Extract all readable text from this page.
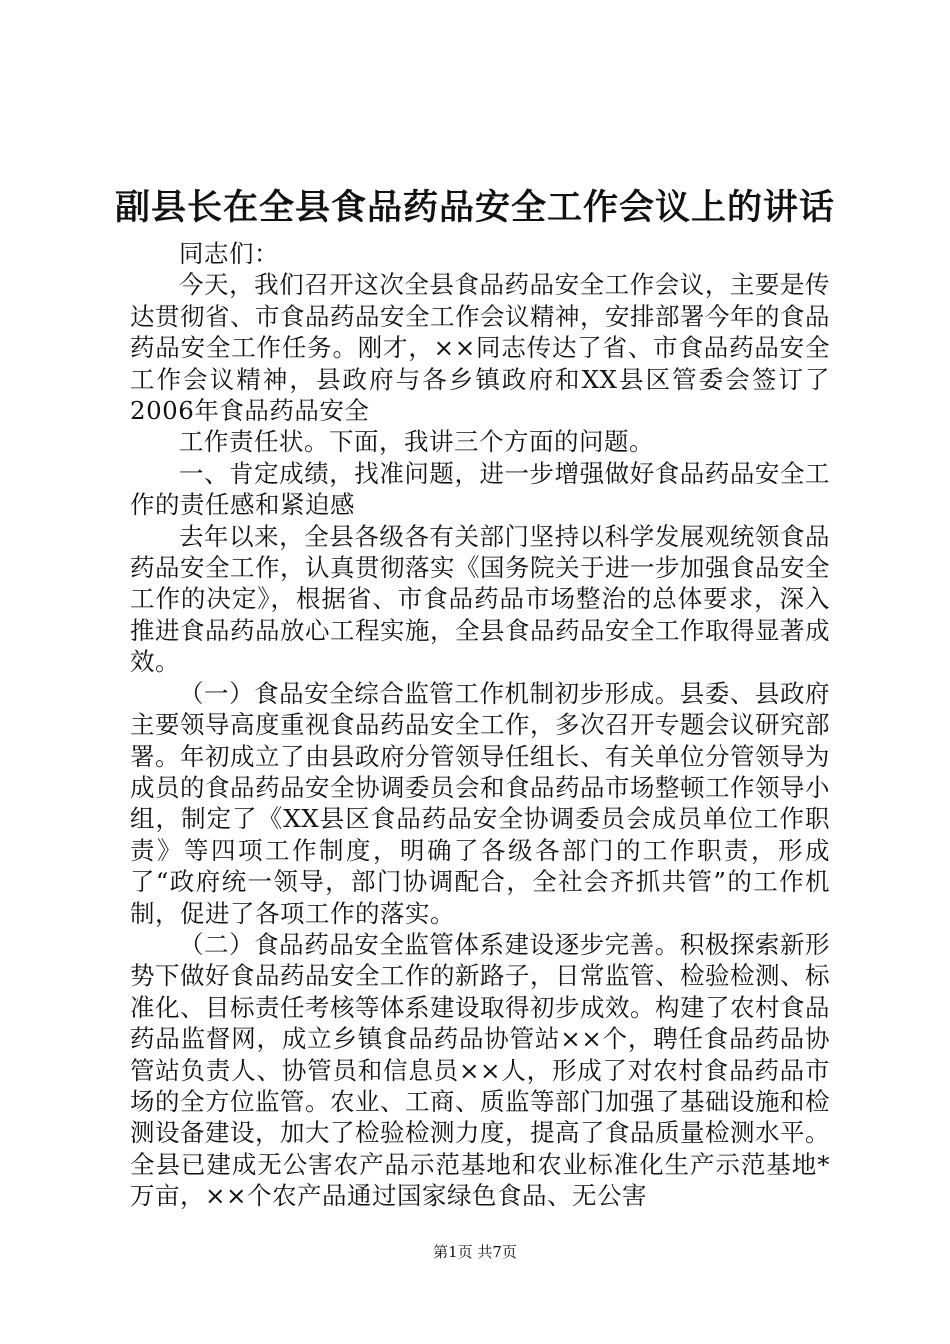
副县长在全县食品药品安全工作会议上的讲话

同志们：

今天，我们召开这次全县食品药品安全工作会议，主要是传达贯彻省、市食品药品安全工作会议精神，安排部署今年的食品药品安全工作任务。刚才，××同志传达了省、市食品药品安全工作会议精神，县政府与各乡镇政府和XX县区管委会签订了2006年食品药品安全

工作责任状。下面，我讲三个方面的问题。

一、肯定成绩，找准问题，进一步增强做好食品药品安全工作的责任感和紧迫感

去年以来，全县各级各有关部门坚持以科学发展观统领食品药品安全工作，认真贯彻落实《国务院关于进一步加强食品安全工作的决定》，根据省、市食品药品市场整治的总体要求，深入推进食品药品放心工程实施，全县食品药品安全工作取得显著成效。

（一）食品安全综合监管工作机制初步形成。县委、县政府主要领导高度重视食品药品安全工作，多次召开专题会议研究部署。年初成立了由县政府分管领导任组长、有关单位分管领导为成员的食品药品安全协调委员会和食品药品市场整顿工作领导小组，制定了《XX县区食品药品安全协调委员会成员单位工作职责》等四项工作制度，明确了各级各部门的工作职责，形成了“政府统一领导，部门协调配合，全社会齐抓共管”的工作机制，促进了各项工作的落实。

（二）食品药品安全监管体系建设逐步完善。积极探索新形势下做好食品药品安全工作的新路子，日常监管、检验检测、标准化、目标责任考核等体系建设取得初步成效。构建了农村食品药品监督网，成立乡镇食品药品协管站××个，聘任食品药品协管站负责人、协管员和信息员××人，形成了对农村食品药品市场的全方位监管。农业、工商、质监等部门加强了基础设施和检测设备建设，加大了检验检测力度，提高了食品质量检测水平。全县已建成无公害农产品示范基地和农业标准化生产示范基地*万亩，××个农产品通过国家绿色食品、无公害

第1页 共7页
